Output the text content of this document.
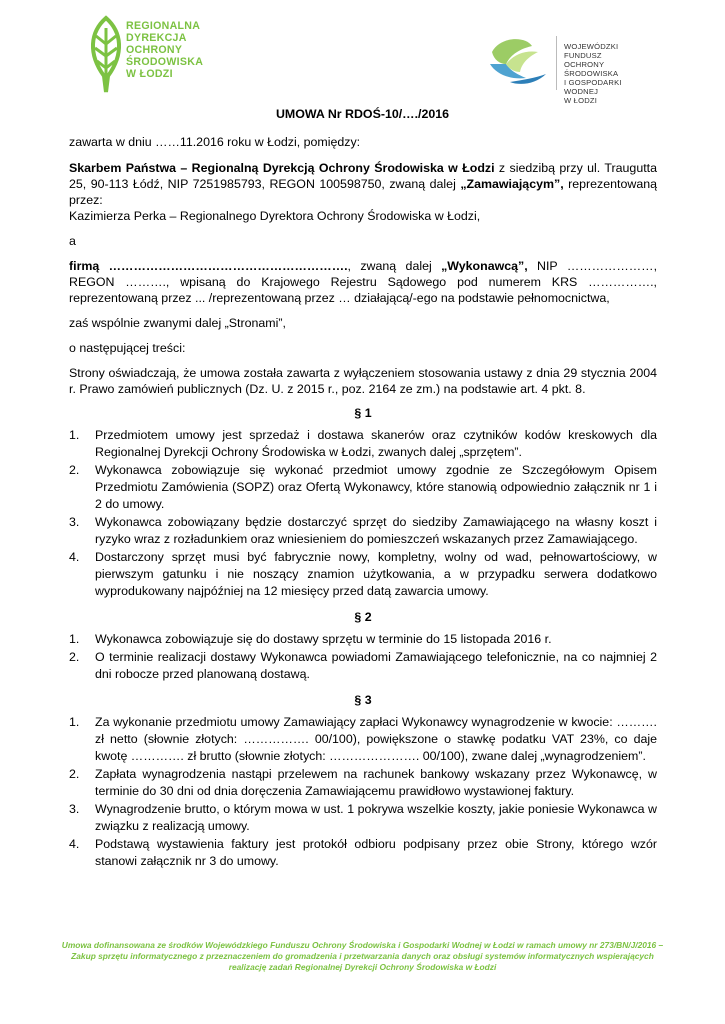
REGIONALNA
DYREKCJA
OCHRONY
ŚRODOWISKA
W ŁODZI
WOJEWÓDZKI FUNDUSZ
OCHRONY ŚRODOWISKA
I GOSPODARKI WODNEJ
W ŁODZI
UMOWA Nr RDOŚ-10/…./2016

zawarta w dniu ……11.2016 roku w Łodzi, pomiędzy:

Skarbem Państwa – Regionalną Dyrekcją Ochrony Środowiska w Łodzi z siedzibą przy ul. Traugutta 25, 90-113 Łódź, NIP 7251985793, REGON 100598750, zwaną dalej „Zamawiającym”, reprezentowaną przez:

Kazimierza Perka – Regionalnego Dyrektora Ochrony Środowiska w Łodzi,

a

firmą …………………………………………………., zwaną dalej „Wykonawcą”, NIP …………………, REGON ………., wpisaną do Krajowego Rejestru Sądowego pod numerem KRS ……………., reprezentowaną przez ... /reprezentowaną przez … działającą/-ego na podstawie pełnomocnictwa,

zaś wspólnie zwanymi dalej „Stronami”,

o następującej treści:

Strony oświadczają, że umowa została zawarta z wyłączeniem stosowania ustawy z dnia 29 stycznia 2004 r. Prawo zamówień publicznych (Dz. U. z 2015 r., poz. 2164 ze zm.) na podstawie art. 4 pkt. 8.

§ 1

1. Przedmiotem umowy jest sprzedaż i dostawa skanerów oraz czytników kodów kreskowych dla Regionalnej Dyrekcji Ochrony Środowiska w Łodzi, zwanych dalej „sprzętem”.
2. Wykonawca zobowiązuje się wykonać przedmiot umowy zgodnie ze Szczegółowym Opisem Przedmiotu Zamówienia (SOPZ) oraz Ofertą Wykonawcy, które stanowią odpowiednio załącznik nr 1 i 2 do umowy.
3. Wykonawca zobowiązany będzie dostarczyć sprzęt do siedziby Zamawiającego na własny koszt i ryzyko wraz z rozładunkiem oraz wniesieniem do pomieszczeń wskazanych przez Zamawiającego.
4. Dostarczony sprzęt musi być fabrycznie nowy, kompletny, wolny od wad, pełnowartościowy, w pierwszym gatunku i nie noszący znamion użytkowania, a w przypadku serwera dodatkowo wyprodukowany najpóźniej na 12 miesięcy przed datą zawarcia umowy.

§ 2

1. Wykonawca zobowiązuje się do dostawy sprzętu w terminie do 15 listopada 2016 r.
2. O terminie realizacji dostawy Wykonawca powiadomi Zamawiającego telefonicznie, na co najmniej 2 dni robocze przed planowaną dostawą.

§ 3

1. Za wykonanie przedmiotu umowy Zamawiający zapłaci Wykonawcy wynagrodzenie w kwocie: ………. zł netto (słownie złotych: ……………. 00/100), powiększone o stawkę podatku VAT 23%, co daje kwotę …………. zł brutto (słownie złotych: …………………. 00/100), zwane dalej „wynagrodzeniem”.
2. Zapłata wynagrodzenia nastąpi przelewem na rachunek bankowy wskazany przez Wykonawcę, w terminie do 30 dni od dnia doręczenia Zamawiającemu prawidłowo wystawionej faktury.
3. Wynagrodzenie brutto, o którym mowa w ust. 1 pokrywa wszelkie koszty, jakie poniesie Wykonawca w związku z realizacją umowy.
4. Podstawą wystawienia faktury jest protokół odbioru podpisany przez obie Strony, którego wzór stanowi załącznik nr 3 do umowy.
Umowa dofinansowana ze środków Wojewódzkiego Funduszu Ochrony Środowiska i Gospodarki Wodnej w Łodzi w ramach umowy nr 273/BN/J/2016 – Zakup sprzętu informatycznego z przeznaczeniem do gromadzenia i przetwarzania danych oraz obsługi systemów informatycznych wspierających realizację zadań Regionalnej Dyrekcji Ochrony Środowiska w Łodzi
